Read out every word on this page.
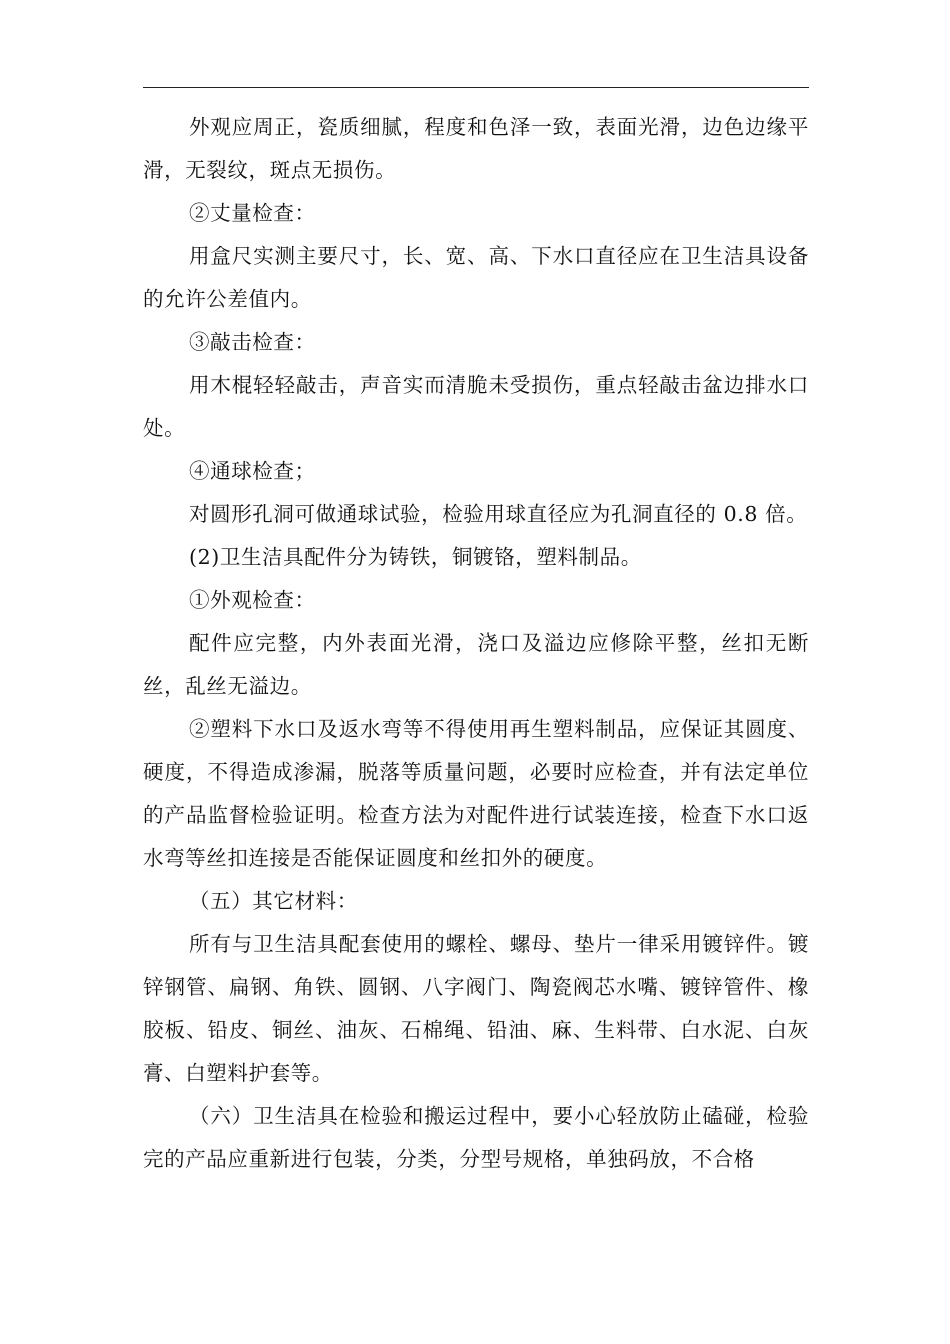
外观应周正，瓷质细腻，程度和色泽一致，表面光滑，边色边缘平滑，无裂纹，斑点无损伤。

②丈量检查：

用盒尺实测主要尺寸，长、宽、高、下水口直径应在卫生洁具设备的允许公差值内。

③敲击检查：

用木棍轻轻敲击，声音实而清脆未受损伤，重点轻敲击盆边排水口处。

④通球检查；

对圆形孔洞可做通球试验，检验用球直径应为孔洞直径的 0.8 倍。

(2)卫生洁具配件分为铸铁，铜镀铬，塑料制品。

①外观检查：

配件应完整，内外表面光滑，浇口及溢边应修除平整，丝扣无断丝，乱丝无溢边。

②塑料下水口及返水弯等不得使用再生塑料制品，应保证其圆度、硬度，不得造成渗漏，脱落等质量问题，必要时应检查，并有法定单位的产品监督检验证明。检查方法为对配件进行试装连接，检查下水口返水弯等丝扣连接是否能保证圆度和丝扣外的硬度。

（五）其它材料：

所有与卫生洁具配套使用的螺栓、螺母、垫片一律采用镀锌件。镀锌钢管、扁钢、角铁、圆钢、八字阀门、陶瓷阀芯水嘴、镀锌管件、橡胶板、铅皮、铜丝、油灰、石棉绳、铅油、麻、生料带、白水泥、白灰膏、白塑料护套等。

（六）卫生洁具在检验和搬运过程中，要小心轻放防止磕碰，检验完的产品应重新进行包装，分类，分型号规格，单独码放，不合格
